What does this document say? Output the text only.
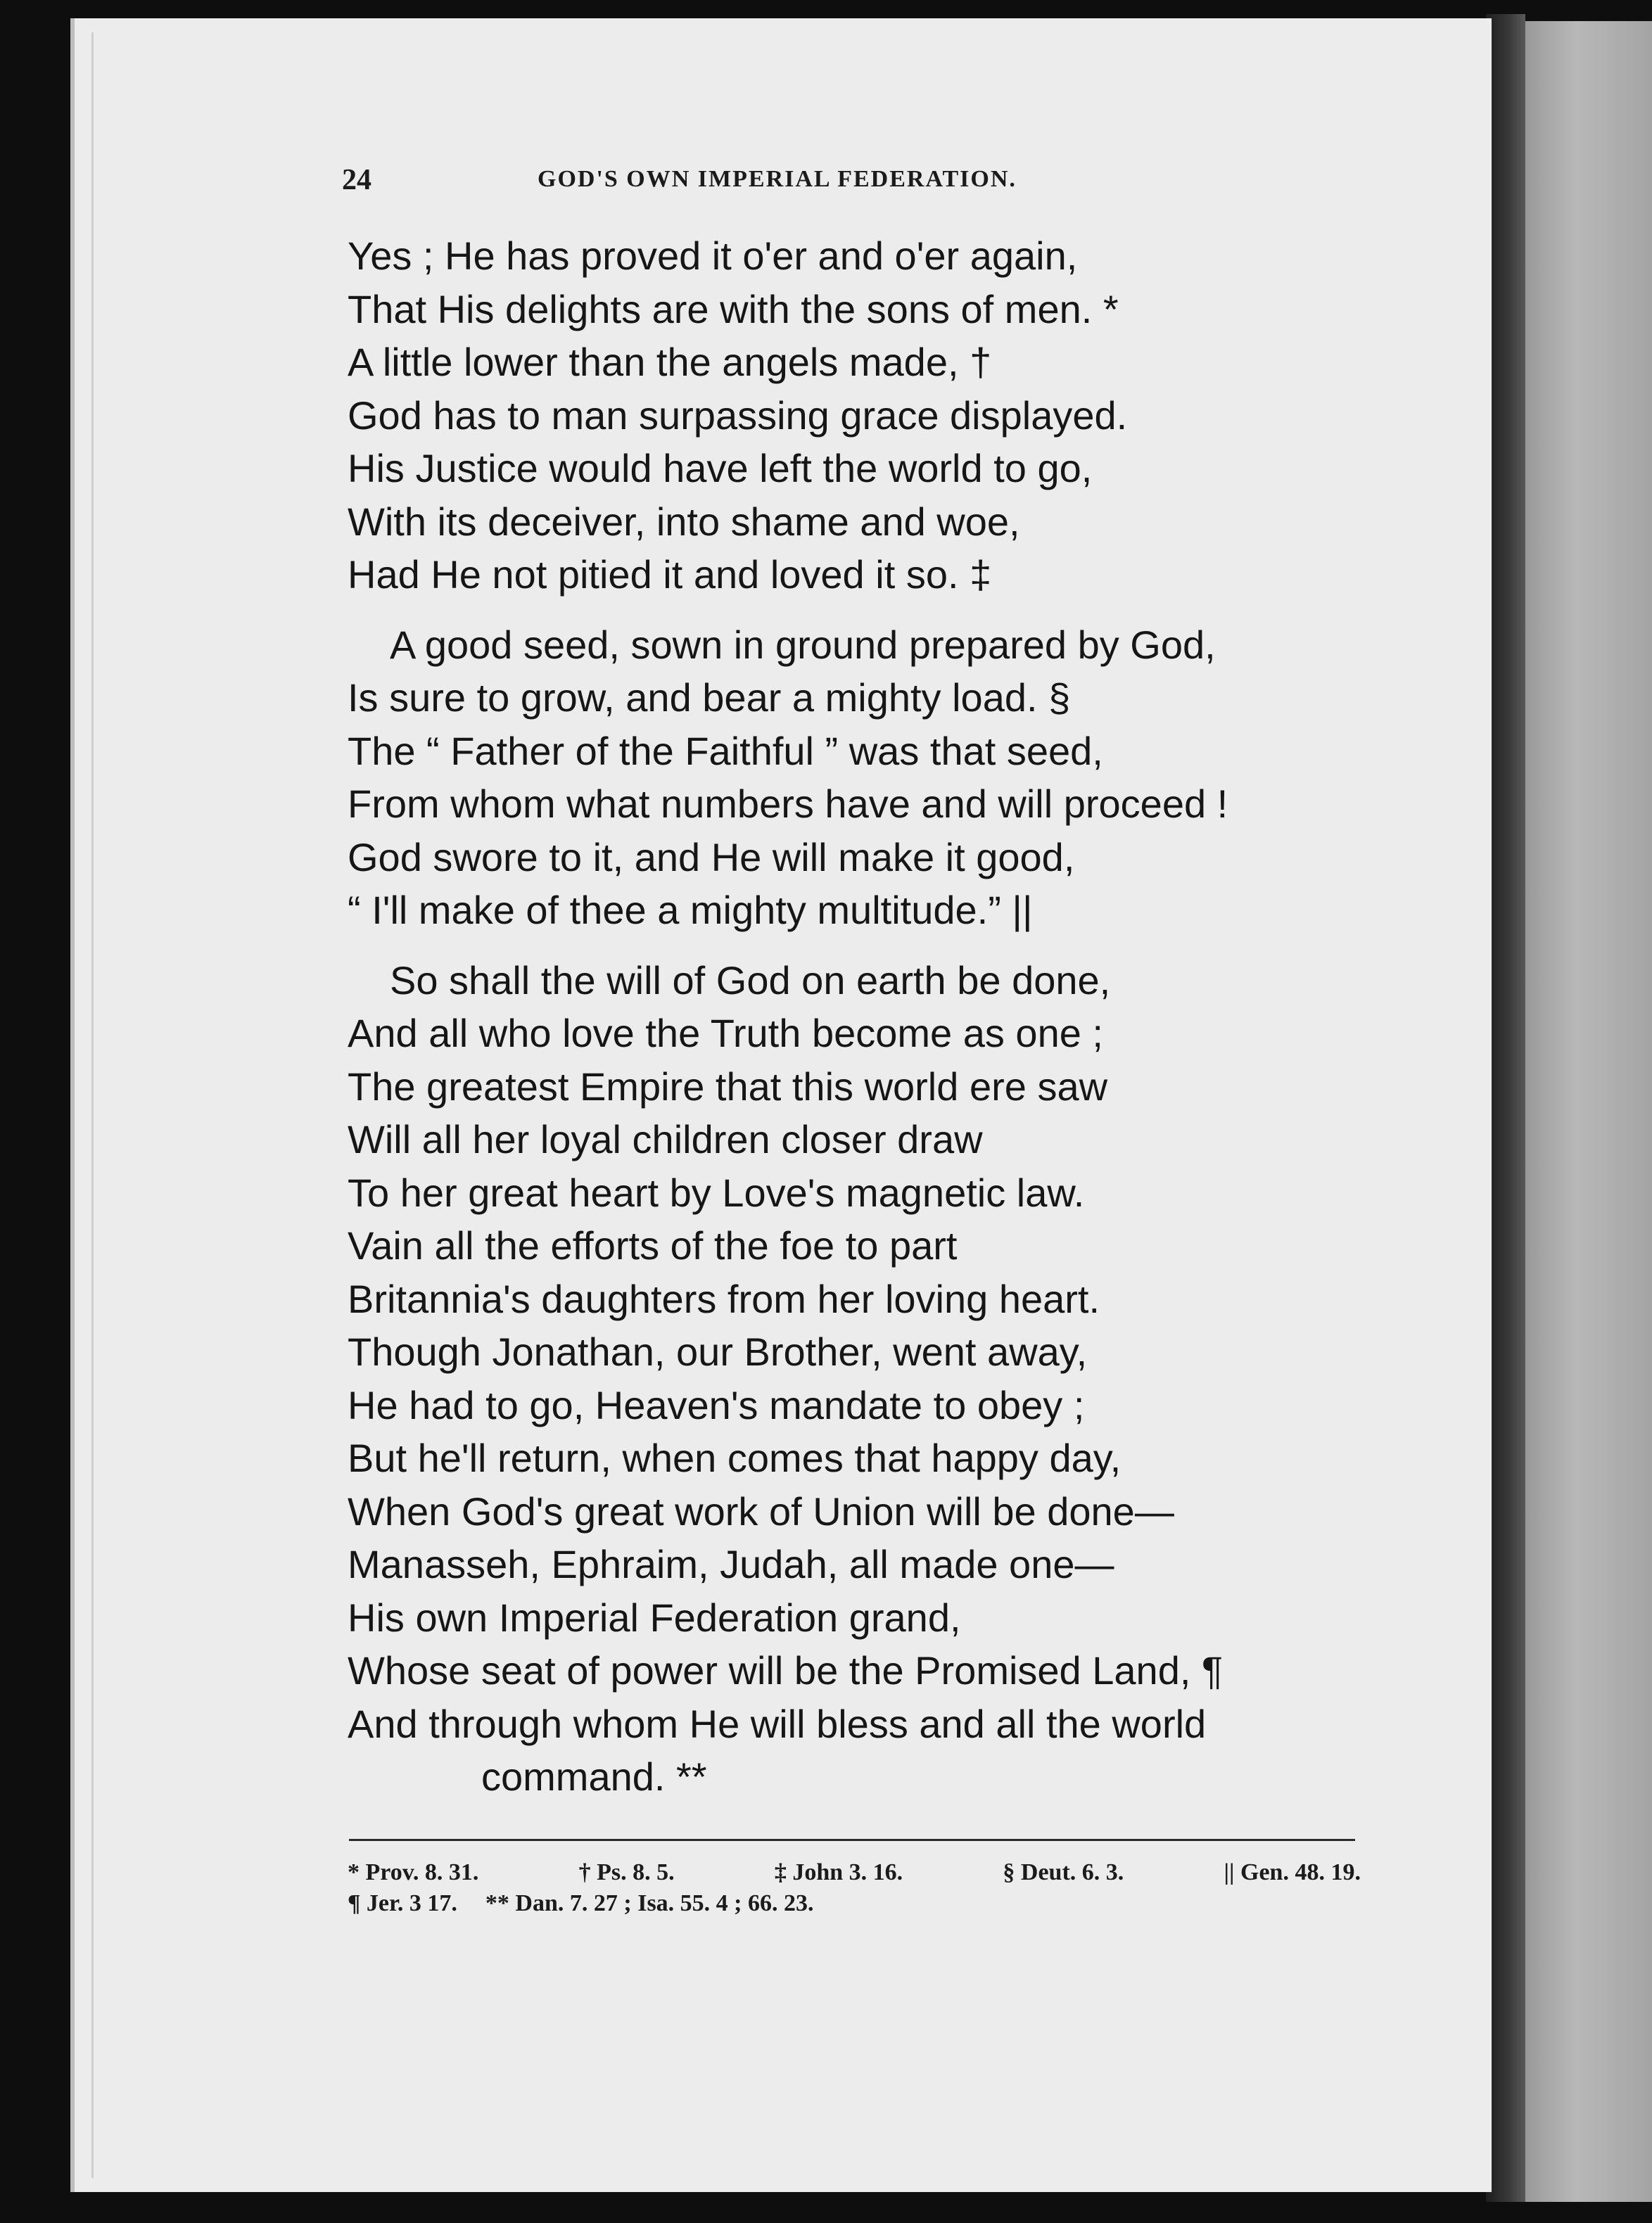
24	GOD'S OWN IMPERIAL FEDERATION.
Yes ; He has proved it o'er and o'er again,
That His delights are with the sons of men. *
A little lower than the angels made, †
God has to man surpassing grace displayed.
His Justice would have left the world to go,
With its deceiver, into shame and woe,
Had He not pitied it and loved it so. ‡
A good seed, sown in ground prepared by God,
Is sure to grow, and bear a mighty load. §
The “ Father of the Faithful ” was that seed,
From whom what numbers have and will proceed !
God swore to it, and He will make it good,
“ I'll make of thee a mighty multitude.” ||
So shall the will of God on earth be done,
And all who love the Truth become as one ;
The greatest Empire that this world ere saw
Will all her loyal children closer draw
To her great heart by Love's magnetic law.
Vain all the efforts of the foe to part
Britannia's daughters from her loving heart.
Though Jonathan, our Brother, went away,
He had to go, Heaven's mandate to obey ;
But he'll return, when comes that happy day,
When God's great work of Union will be done—
Manasseh, Ephraim, Judah, all made one—
His own Imperial Federation grand,
Whose seat of power will be the Promised Land, ¶
And through whom He will bless and all the world
command. **
* Prov. 8. 31.	† Ps. 8. 5.	‡ John 3. 16.	§ Deut. 6. 3.	|| Gen. 48. 19.
¶ Jer. 3 17. ** Dan. 7. 27 ; Isa. 55. 4 ; 66. 23.
